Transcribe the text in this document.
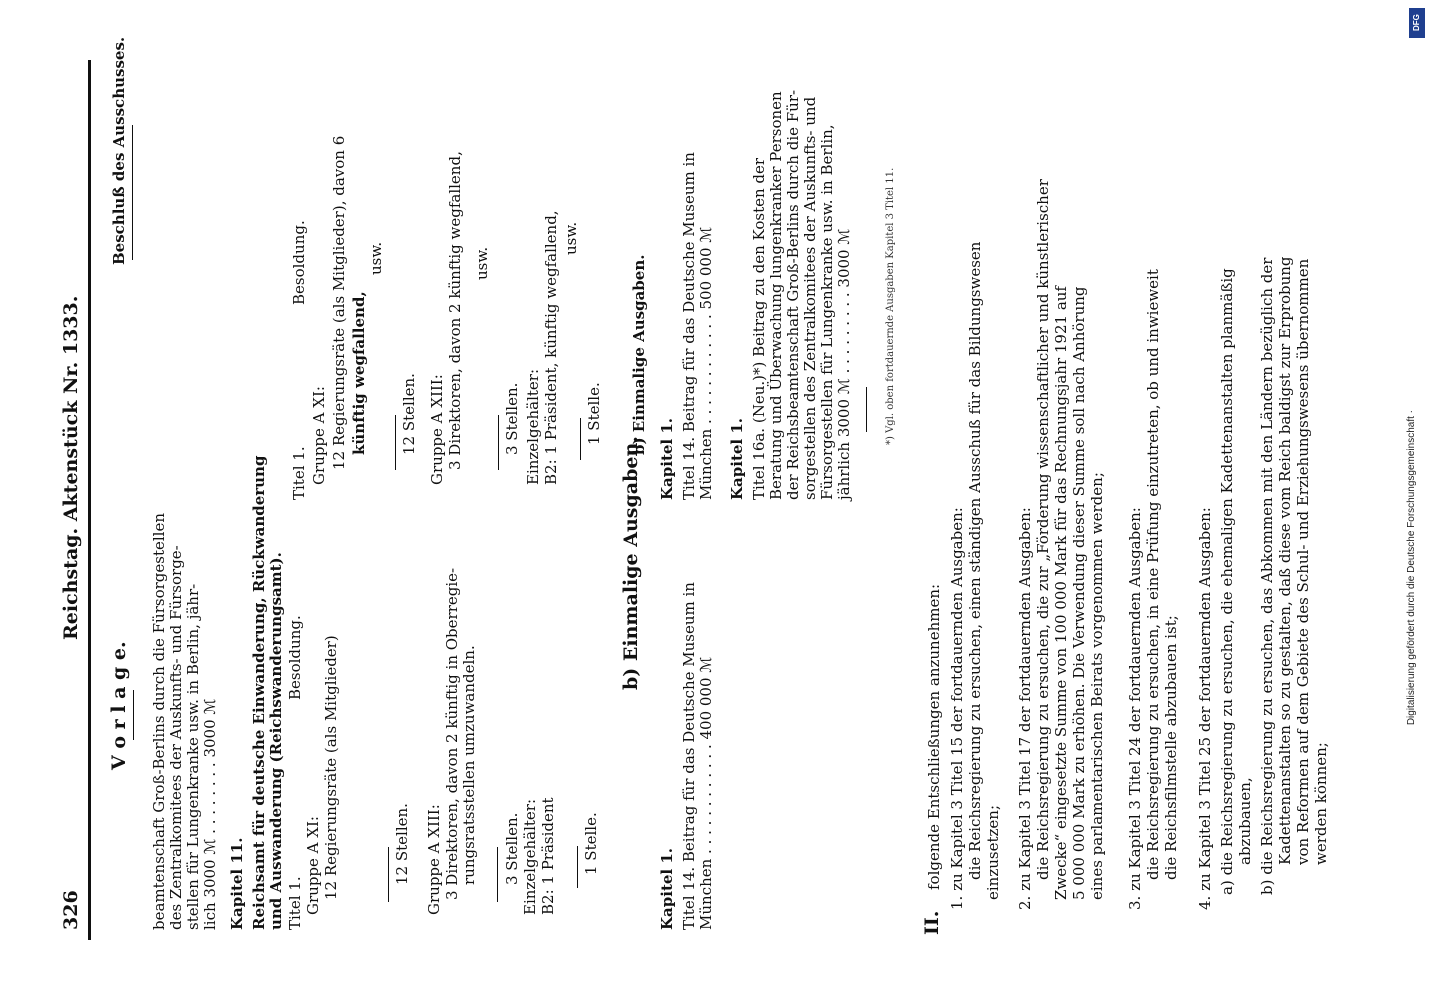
326
Reichstag. Aktenstück Nr. 1333.
V o r l a g e. beamtenschaft Groß-Berlins durch die Fürsorgestellen des Zentralkomitees der Auskunfts- und Fürsorge- stellen für Lungenkranke usw. in Berlin, jähr- lich 3000 ℳ . . . . . . . . 3000 ℳ Kapitel 11. Reichsamt für deutsche Einwanderung, Rückwanderung und Auswanderung (Reichswanderungsamt). Titel 1.
Besoldung.
Gruppe A XI: 12 Regierungsräte (als Mitglieder)	12 Stellen. Gruppe A XIII: 3 Direktoren, davon 2 künftig in Oberregie- rungsratsstellen umzuwandeln. 3 Stellen. Einzelgehälter: B2: 1 Präsident 1 Stelle.
b) Einmalige Ausgaben.
Kapitel 1. Titel 14. Beitrag für das Deutsche Museum in München . . . . . . . . . . . . 400 000 ℳ
Beschluß des Ausschusses.
Titel 1.
Besoldung.
Gruppe A XI: 12 Regierungsräte (als Mitglieder), davon 6 künftig wegfallend,
usw.
12 Stellen. Gruppe A XIII: 3 Direktoren, davon 2 künftig wegfallend, usw.
3 Stellen. Einzelgehälter: B2: 1 Präsident, künftig wegfallend, usw.
1 Stelle. b) Einmalige Ausgaben.
Kapitel 1. Titel 14. Beitrag für das Deutsche Museum in München . . . . . . . . . . . . 500 000 ℳ Kapitel 1. Titel 16a. (Neu.)*) Beitrag zu den Kosten der Beratung und Überwachung lungenkranker Personen der Reichsbeamtenschaft Groß-Berlins durch die Für- sorgestellen des Zentralkomitees der Auskunfts- und Fürsorgestellen für Lungenkranke usw. in Berlin, jährlich 3000 ℳ . . . . . . . . . 3000 ℳ	*) Vgl. oben fortdauernde Ausgaben Kapitel 3 Titel 11.
II.
folgende Entschließungen anzunehmen: 1. zu Kapitel 3 Titel 15 der fortdauernden Ausgaben: die Reichsregierung zu ersuchen, einen ständigen Ausschuß für das Bildungswesen einzusetzen; 2. zu Kapitel 3 Titel 17 der fortdauernden Ausgaben: die Reichsregierung zu ersuchen, die zur „Förderung wissenschaftlicher und künstlerischer Zwecke“ eingesetzte Summe von 100 000 Mark für das Rechnungsjahr 1921 auf 5 000 000 Mark zu erhöhen. Die Verwendung dieser Summe soll nach Anhörung eines parlamentarischen Beirats vorgenommen werden; 3. zu Kapitel 3 Titel 24 der fortdauernden Ausgaben: die Reichsregierung zu ersuchen, in eine Prüfung einzutreten, ob und inwieweit die Reichsfilmstelle abzubauen ist; 4. zu Kapitel 3 Titel 25 der fortdauernden Ausgaben: a) die Reichsregierung zu ersuchen, die ehemaligen Kadettenanstalten planmäßig abzubauen, b) die Reichsregierung zu ersuchen, das Abkommen mit den Ländern bezüglich der Kadettenanstalten so zu gestalten, daß diese vom Reich baldigst zur Erprobung von Reformen auf dem Gebiete des Schul- und Erziehungswesens übernommen werden können;
DFG
Digitalisierung gefördert durch die Deutsche Forschungsgemeinschaft ·
